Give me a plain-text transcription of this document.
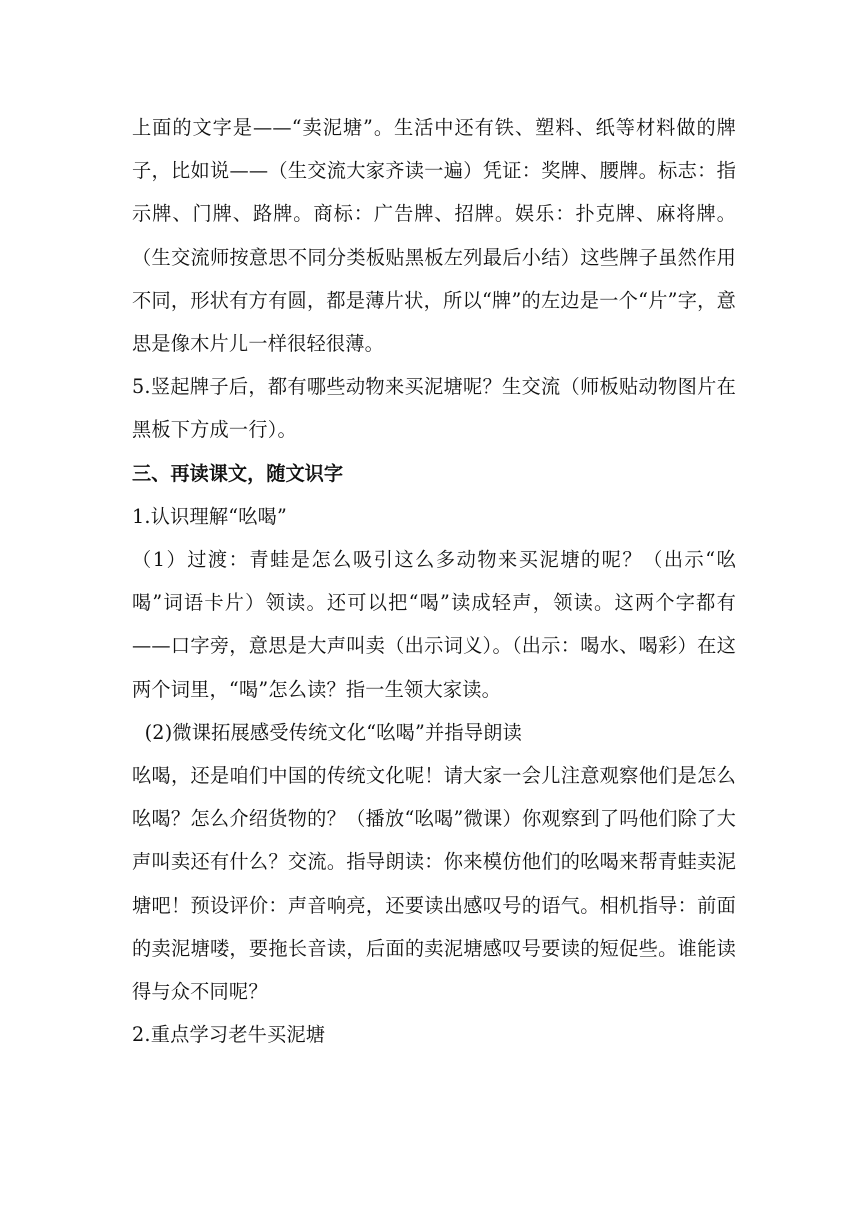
上面的文字是——“卖泥塘”。生活中还有铁、塑料、纸等材料做的牌子，比如说——（生交流大家齐读一遍）凭证：奖牌、腰牌。标志：指示牌、门牌、路牌。商标：广告牌、招牌。娱乐：扑克牌、麻将牌。（生交流师按意思不同分类板贴黑板左列最后小结）这些牌子虽然作用不同，形状有方有圆，都是薄片状，所以“牌”的左边是一个“片”字，意思是像木片儿一样很轻很薄。

5.竖起牌子后，都有哪些动物来买泥塘呢？生交流（师板贴动物图片在黑板下方成一行）。

三、再读课文，随文识字

1.认识理解“吆喝”

（1）过渡：青蛙是怎么吸引这么多动物来买泥塘的呢？（出示“吆喝”词语卡片）领读。还可以把“喝”读成轻声，领读。这两个字都有——口字旁，意思是大声叫卖（出示词义）。（出示：喝水、喝彩）在这两个词里，“喝”怎么读？指一生领大家读。

(2)微课拓展感受传统文化“吆喝”并指导朗读

吆喝，还是咱们中国的传统文化呢！请大家一会儿注意观察他们是怎么吆喝？怎么介绍货物的？（播放“吆喝”微课）你观察到了吗他们除了大声叫卖还有什么？交流。指导朗读：你来模仿他们的吆喝来帮青蛙卖泥塘吧！预设评价：声音响亮，还要读出感叹号的语气。相机指导：前面的卖泥塘喽，要拖长音读，后面的卖泥塘感叹号要读的短促些。谁能读得与众不同呢？

2.重点学习老牛买泥塘
